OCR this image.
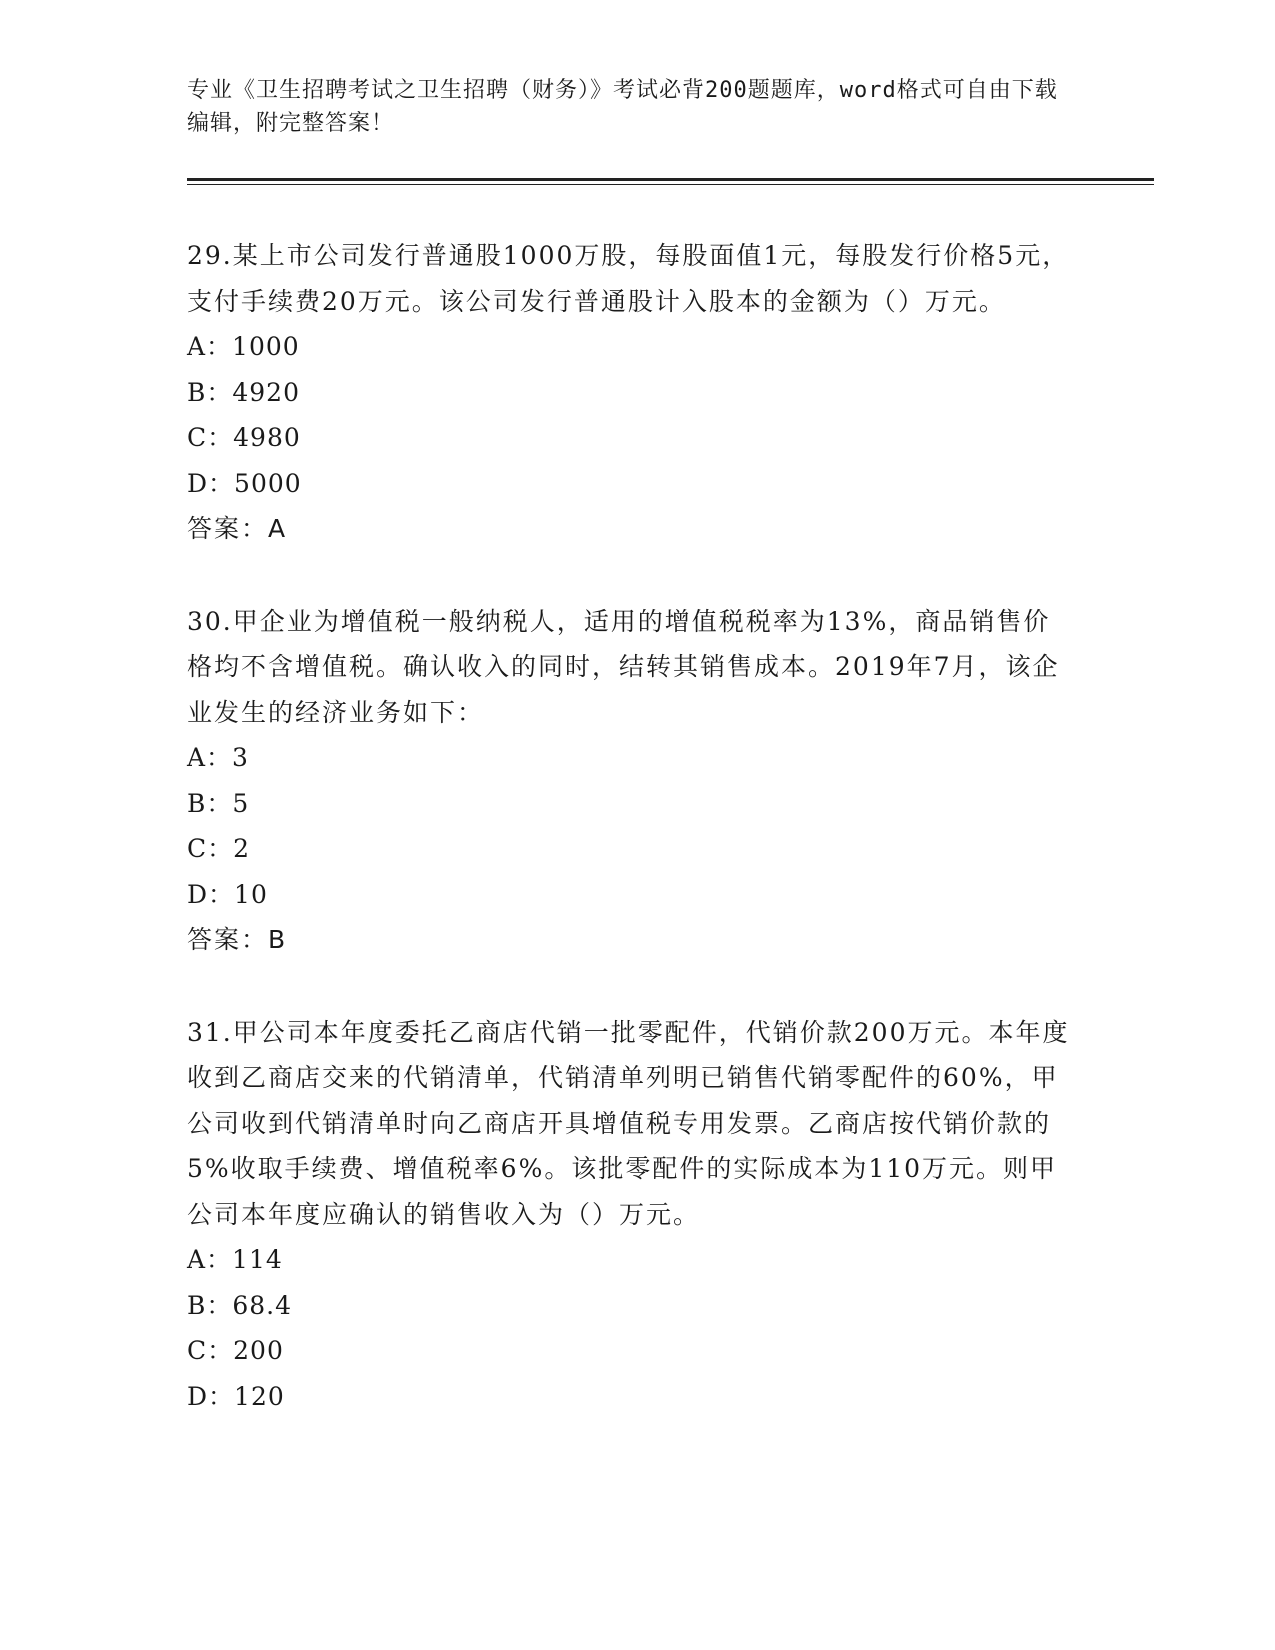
专业《卫生招聘考试之卫生招聘（财务）》考试必背200题题库，word格式可自由下载编辑，附完整答案！

29.某上市公司发行普通股1000万股，每股面值1元，每股发行价格5元，支付手续费20万元。该公司发行普通股计入股本的金额为（）万元。

A：1000

B：4920

C：4980

D：5000

答案：A

30.甲企业为增值税一般纳税人，适用的增值税税率为13%，商品销售价格均不含增值税。确认收入的同时，结转其销售成本。2019年7月，该企业发生的经济业务如下：

A：3

B：5

C：2

D：10

答案：B

31.甲公司本年度委托乙商店代销一批零配件，代销价款200万元。本年度收到乙商店交来的代销清单，代销清单列明已销售代销零配件的60%，甲公司收到代销清单时向乙商店开具增值税专用发票。乙商店按代销价款的5%收取手续费、增值税率6%。该批零配件的实际成本为110万元。则甲公司本年度应确认的销售收入为（）万元。

A：114

B：68.4

C：200

D：120
